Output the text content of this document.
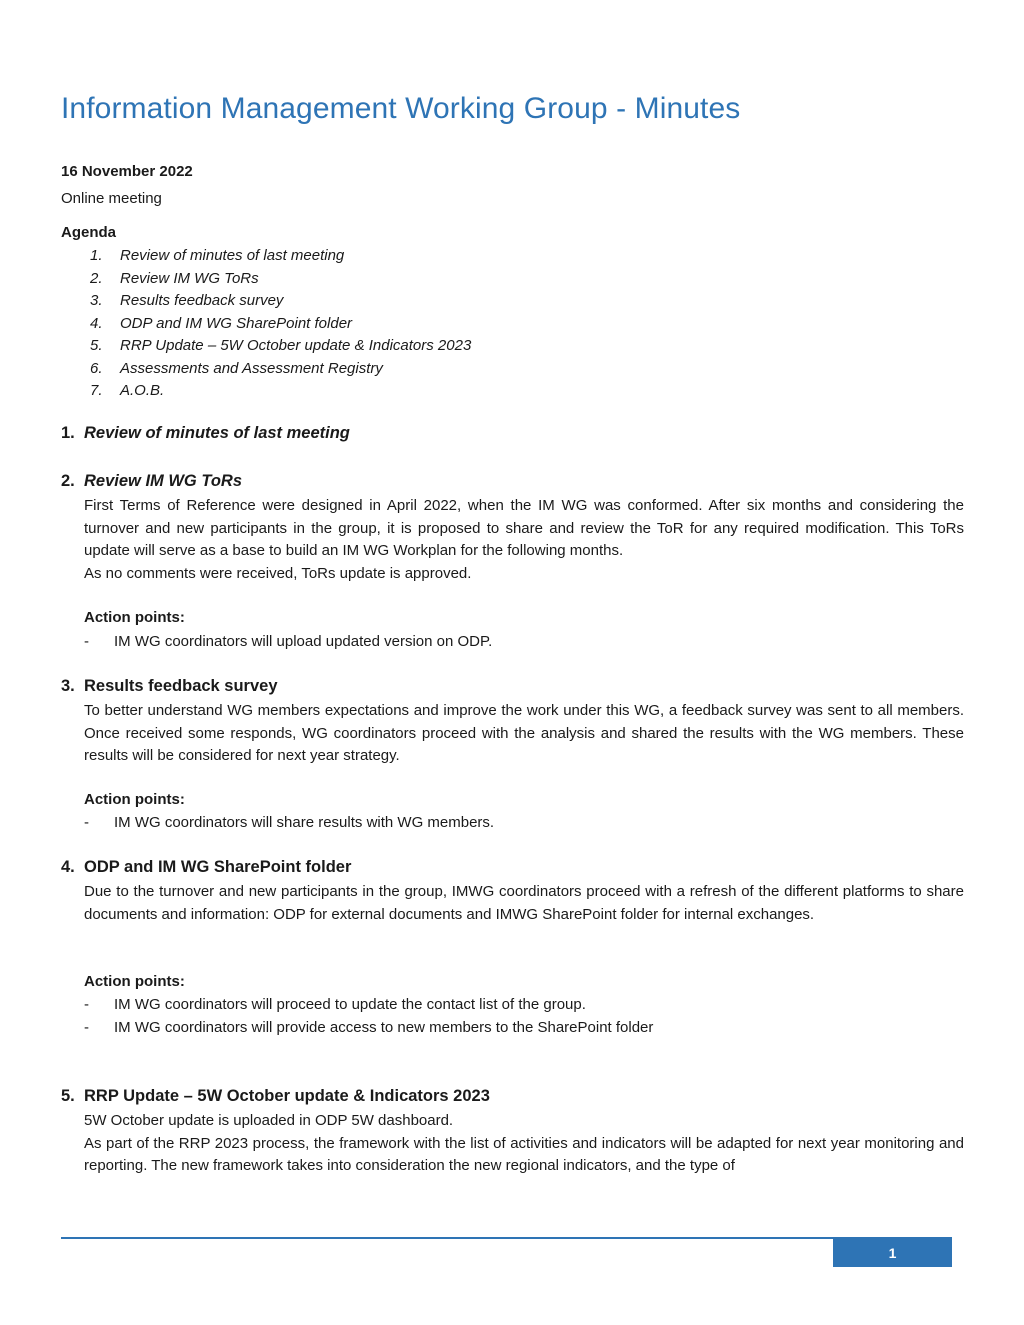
Information Management Working Group - Minutes
16 November 2022
Online meeting
Agenda
1. Review of minutes of last meeting
2. Review IM WG ToRs
3. Results feedback survey
4. ODP and IM WG SharePoint folder
5. RRP Update – 5W October update & Indicators 2023
6. Assessments and Assessment Registry
7. A.O.B.
1. Review of minutes of last meeting
2. Review IM WG ToRs

First Terms of Reference were designed in April 2022, when the IM WG was conformed. After six months and considering the turnover and new participants in the group, it is proposed to share and review the ToR for any required modification. This ToRs update will serve as a base to build an IM WG Workplan for the following months.

As no comments were received, ToRs update is approved.

Action points:
- IM WG coordinators will upload updated version on ODP.
3. Results feedback survey

To better understand WG members expectations and improve the work under this WG, a feedback survey was sent to all members. Once received some responds, WG coordinators proceed with the analysis and shared the results with the WG members. These results will be considered for next year strategy.

Action points:
- IM WG coordinators will share results with WG members.
4. ODP and IM WG SharePoint folder

Due to the turnover and new participants in the group, IMWG coordinators proceed with a refresh of the different platforms to share documents and information: ODP for external documents and IMWG SharePoint folder for internal exchanges.

Action points:
- IM WG coordinators will proceed to update the contact list of the group.
- IM WG coordinators will provide access to new members to the SharePoint folder
5. RRP Update – 5W October update & Indicators 2023

5W October update is uploaded in ODP 5W dashboard.

As part of the RRP 2023 process, the framework with the list of activities and indicators will be adapted for next year monitoring and reporting. The new framework takes into consideration the new regional indicators, and the type of

1
